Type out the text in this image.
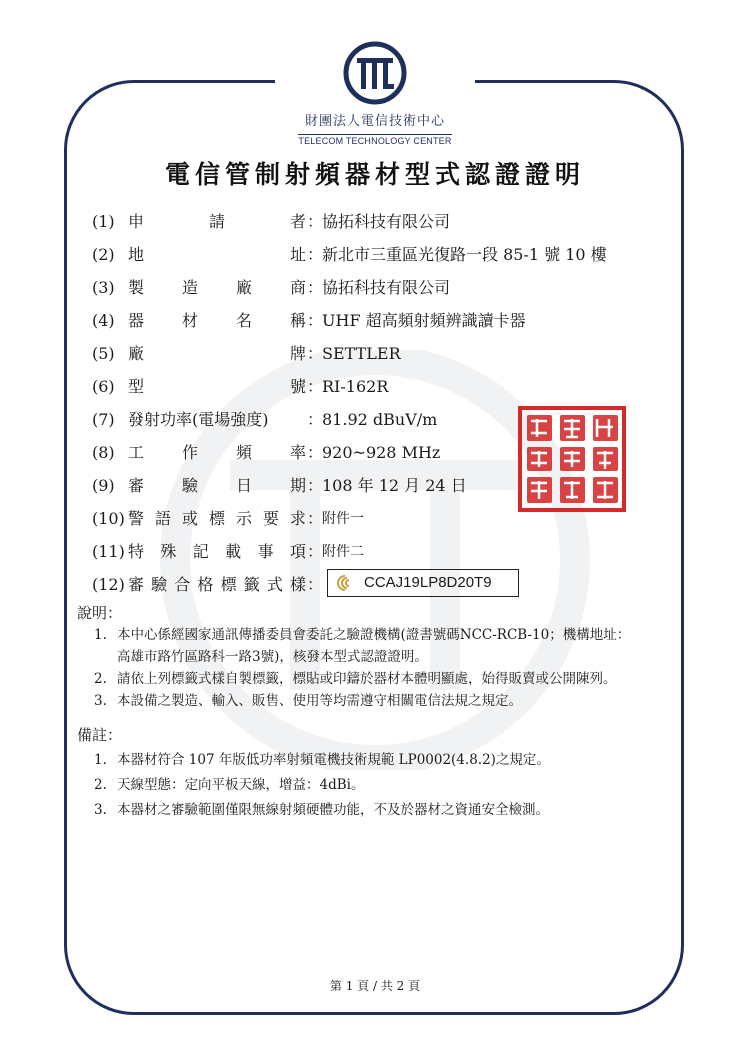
財團法人電信技術中心
TELECOM TECHNOLOGY CENTER
電信管制射頻器材型式認證證明
(1) 申	請	者 ：
協拓科技有限公司
(2) 地	址 ：
新北市三重區光復路一段 85-1 號 10 樓
(3) 製 造 廠 商 ：
協拓科技有限公司
(4) 器 材 名 稱 ：
UHF 超高頻射頻辨識讀卡器
(5) 廠	牌 ：
SETTLER
(6) 型	號 ：
RI-162R
(7) 發射功率(電場強度) ：
81.92 dBuV/m
(8) 工 作 頻 率 ：
920~928 MHz
(9) 審 驗 日 期 ：
108 年 12 月 24 日
(10) 警 語 或 標 示 要 求 ：
附件一
(11) 特 殊 記 載 事 項 ：
附件二
(12) 審 驗 合 格 標 籤 式 樣 ：	CCAJ19LP8D20T9
說明：
1. 本中心係經國家通訊傳播委員會委託之驗證機構(證書號碼NCC-RCB-10；機構地址：
高雄市路竹區路科一路3號)，核發本型式認證證明。
2. 請依上列標籤式樣自製標籤，標貼或印鑄於器材本體明顯處，始得販賣或公開陳列。
3. 本設備之製造、輸入、販售、使用等均需遵守相關電信法規之規定。
備註：
1. 本器材符合 107 年版低功率射頻電機技術規範 LP0002(4.8.2)之規定。
2. 天線型態：定向平板天線，增益：4dBi。
3. 本器材之審驗範圍僅限無線射頻硬體功能，不及於器材之資通安全檢測。
第 1 頁 / 共 2 頁
